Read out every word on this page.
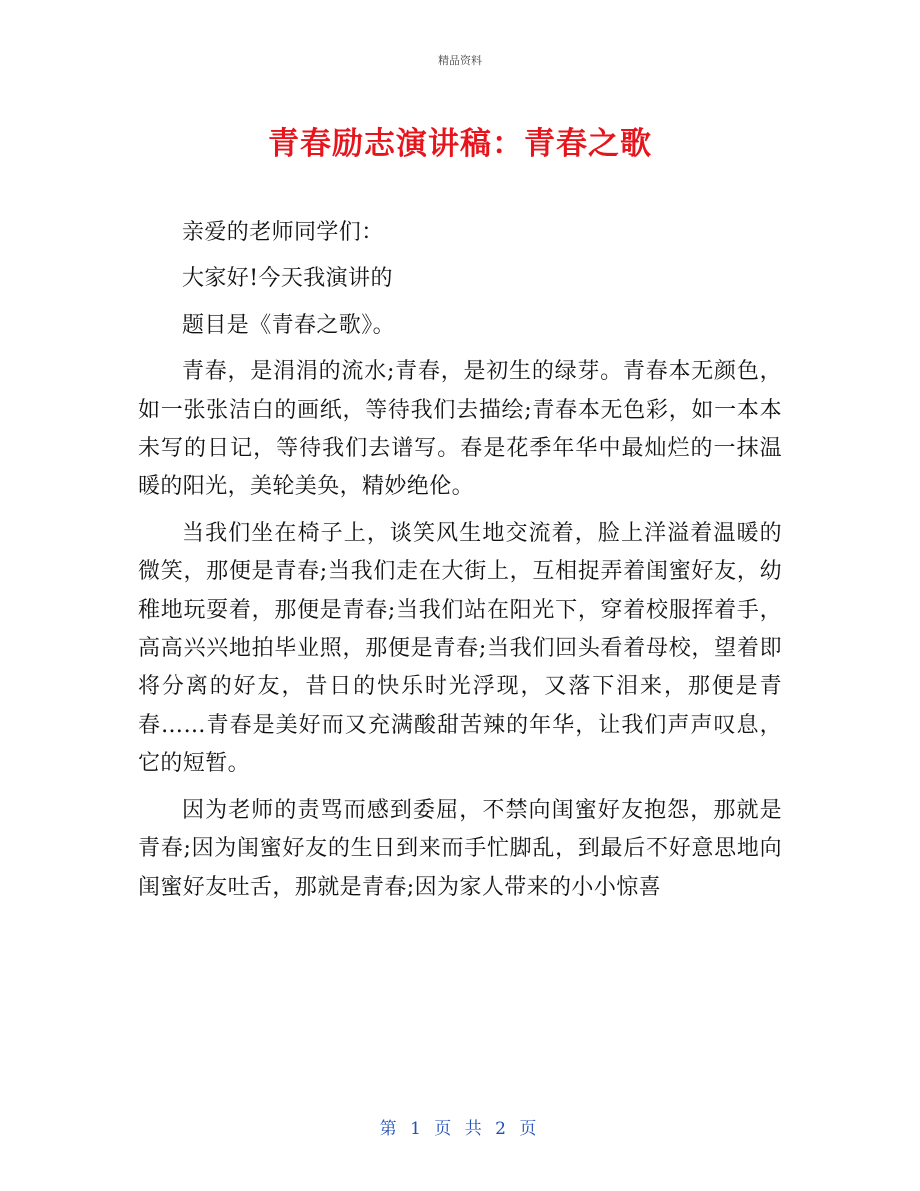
精品资料
青春励志演讲稿：青春之歌

亲爱的老师同学们：

大家好!今天我演讲的

题目是《青春之歌》。

青春，是涓涓的流水;青春，是初生的绿芽。青春本无颜色，如一张张洁白的画纸，等待我们去描绘;青春本无色彩，如一本本未写的日记，等待我们去谱写。春是花季年华中最灿烂的一抹温暖的阳光，美轮美奂，精妙绝伦。

当我们坐在椅子上，谈笑风生地交流着，脸上洋溢着温暖的微笑，那便是青春;当我们走在大街上，互相捉弄着闺蜜好友，幼稚地玩耍着，那便是青春;当我们站在阳光下，穿着校服挥着手，高高兴兴地拍毕业照，那便是青春;当我们回头看着母校，望着即将分离的好友，昔日的快乐时光浮现，又落下泪来，那便是青春……青春是美好而又充满酸甜苦辣的年华，让我们声声叹息，它的短暂。

因为老师的责骂而感到委屈，不禁向闺蜜好友抱怨，那就是青春;因为闺蜜好友的生日到来而手忙脚乱，到最后不好意思地向闺蜜好友吐舌，那就是青春;因为家人带来的小小惊喜

第 1 页 共 2 页
